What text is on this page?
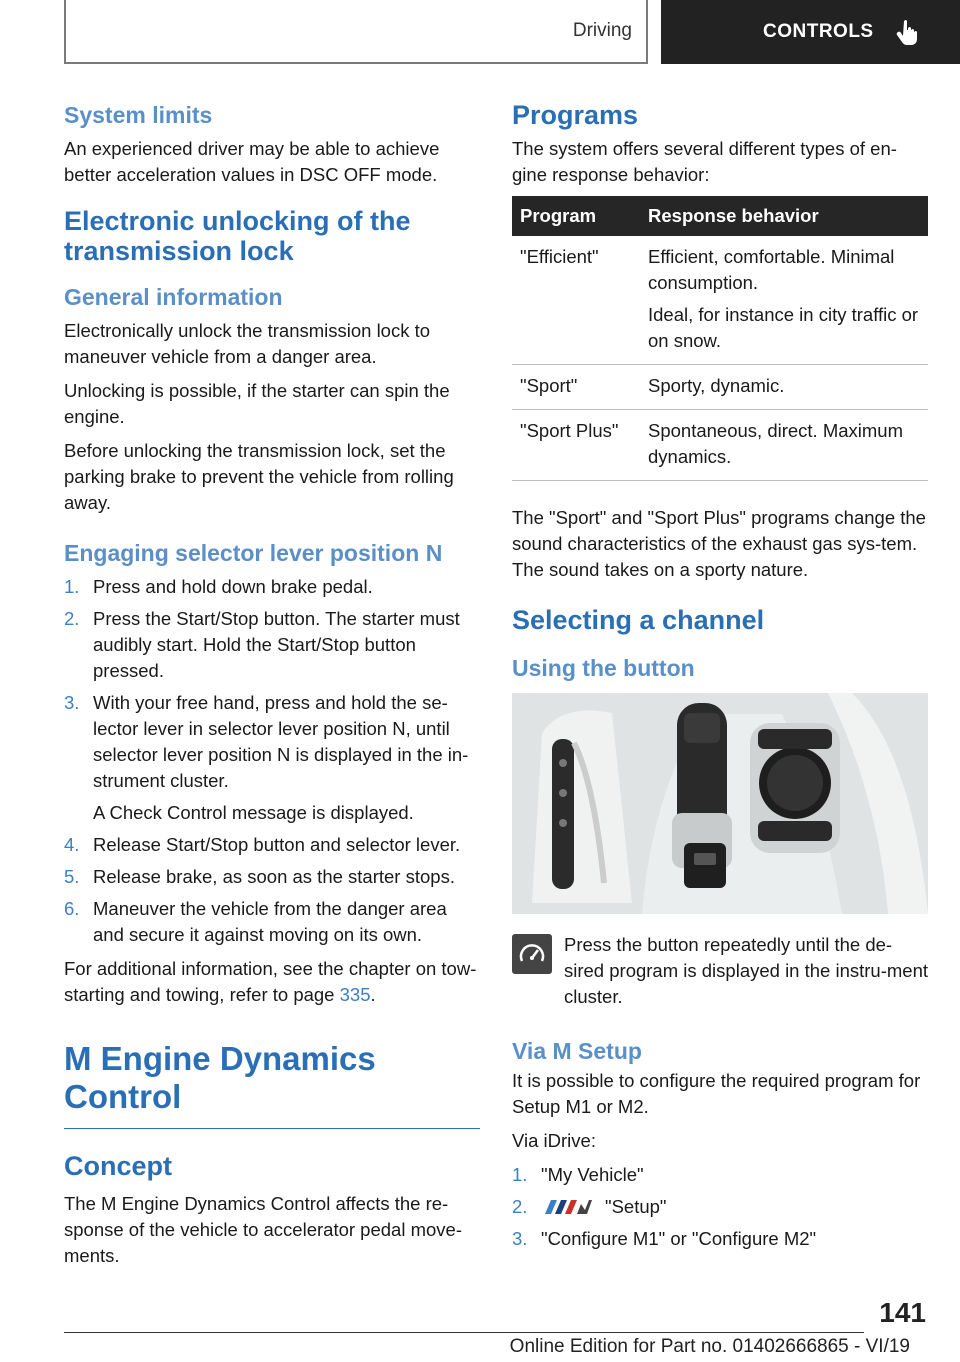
Driving	CONTROLS
System limits

An experienced driver may be able to achieve better acceleration values in DSC OFF mode.

Electronic unlocking of the transmission lock
General information

Electronically unlock the transmission lock to maneuver vehicle from a danger area.

Unlocking is possible, if the starter can spin the engine.

Before unlocking the transmission lock, set the parking brake to prevent the vehicle from rolling away.

Engaging selector lever position N
1. Press and hold down brake pedal.
2. Press the Start/Stop button. The starter must audibly start. Hold the Start/Stop button pressed.
3. With your free hand, press and hold the se-lector lever in selector lever position N, until selector lever position N is displayed in the in-strument cluster.

A Check Control message is displayed.

4. Release Start/Stop button and selector lever.
5. Release brake, as soon as the starter stops.
6. Maneuver the vehicle from the danger area and secure it against moving on its own.

For additional information, see the chapter on tow-starting and towing, refer to page 335.

M Engine Dynamics Control
Concept

The M Engine Dynamics Control affects the re-sponse of the vehicle to accelerator pedal move-ments.

Programs

The system offers several different types of en-gine response behavior:

Program	Response behavior
"Efficient"	Efficient, comfortable. Minimal consumption.

Ideal, for instance in city traffic or on snow.

"Sport"	Sporty, dynamic.
"Sport Plus"	Spontaneous, direct. Maximum dynamics.

The "Sport" and "Sport Plus" programs change the sound characteristics of the exhaust gas sys-tem. The sound takes on a sporty nature.

Selecting a channel
Using the button

Press the button repeatedly until the de-sired program is displayed in the instru-ment cluster.

Via M Setup

It is possible to configure the required program for Setup M1 or M2.

Via iDrive:

1. "My Vehicle"
2.	"Setup"
3. "Configure M1" or "Configure M2"
141
Online Edition for Part no. 01402666865 - VI/19
